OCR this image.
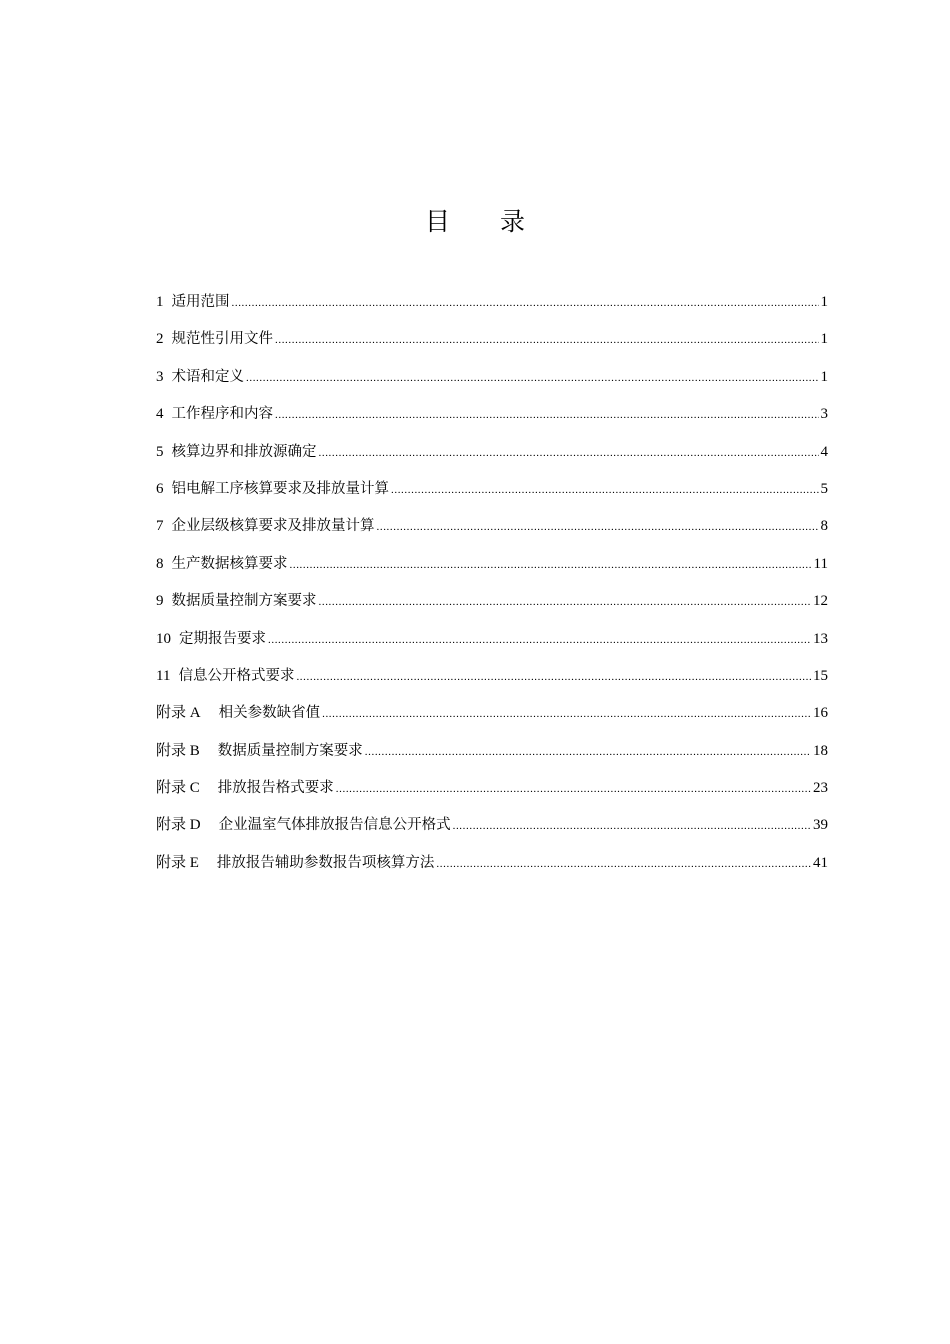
目 录
1 适用范围 .....	1
2 规范性引用文件 .....	1
3 术语和定义 .....	1
4 工作程序和内容 .....	3
5 核算边界和排放源确定 .....	4
6 铝电解工序核算要求及排放量计算 .....	5
7 企业层级核算要求及排放量计算 .....	8
8 生产数据核算要求 .....	11
9 数据质量控制方案要求 .....	12
10 定期报告要求 .....	13
11 信息公开格式要求 .....	15
附录 A 相关参数缺省值 .....	16
附录 B 数据质量控制方案要求 .....	18
附录 C 排放报告格式要求 .....	23
附录 D 企业温室气体排放报告信息公开格式 .....	39
附录 E 排放报告辅助参数报告项核算方法 .....	41
